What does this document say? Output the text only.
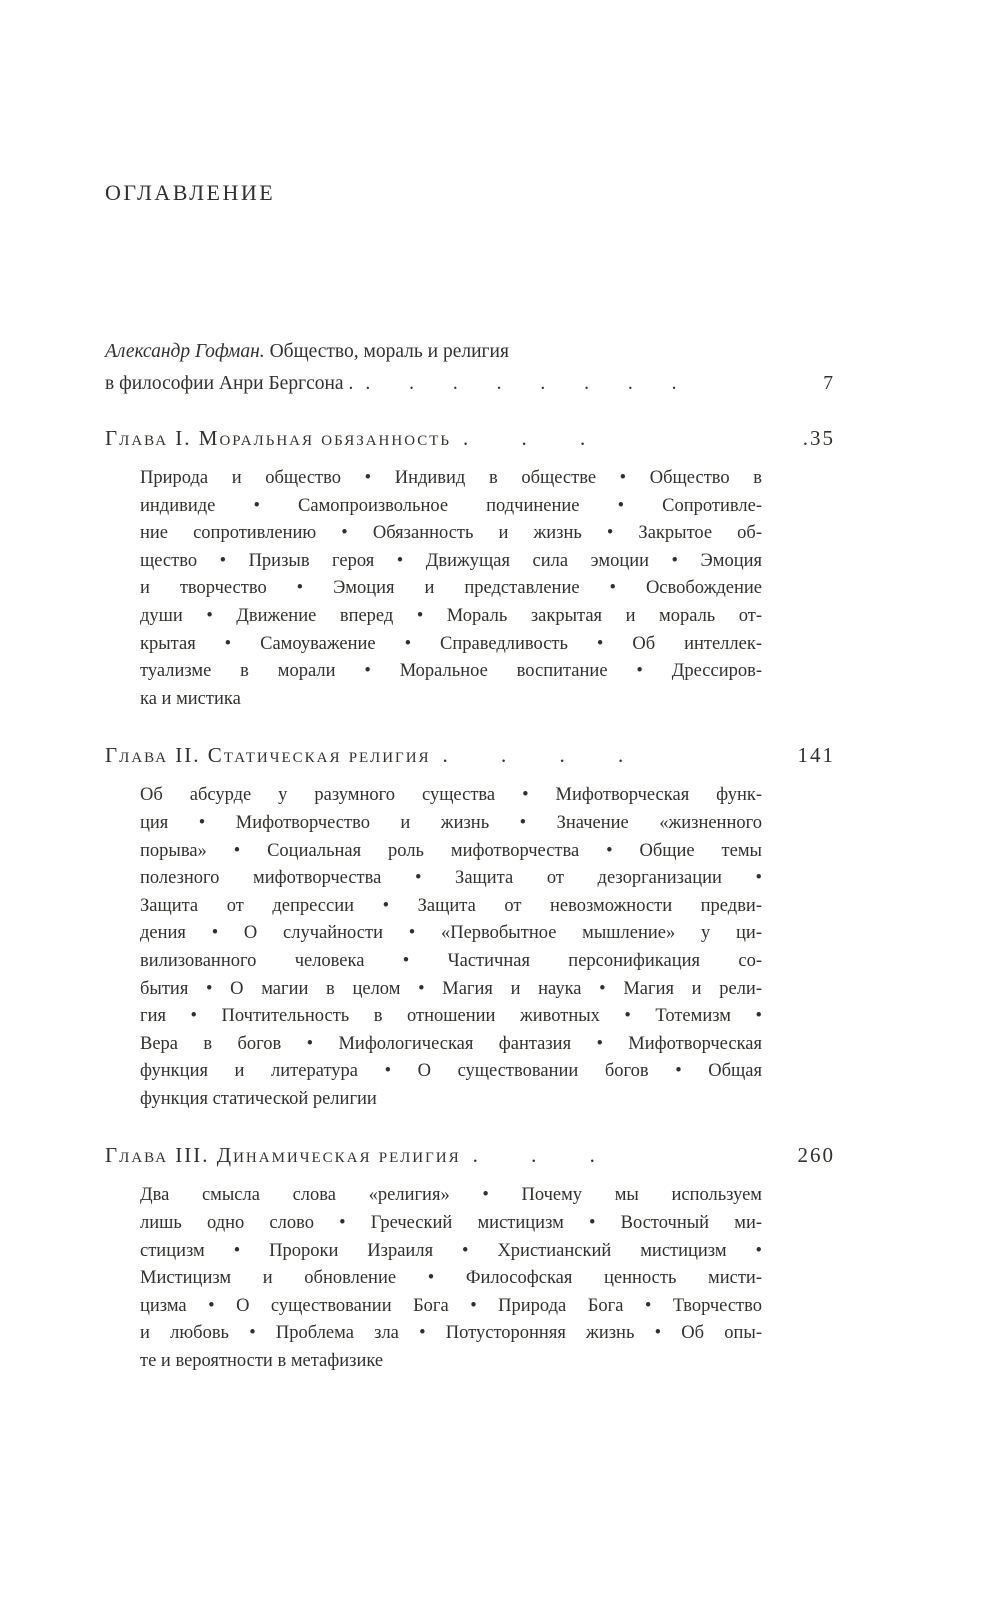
ОГЛАВЛЕНИЕ
Александр Гофман. Общество, мораль и религия
в философии Анри Бергсона . . . . . . . . .	7
Глава I. Моральная обязанность . . .	.35
Природа и общество • Индивид в обществе • Общество в
индивиде • Самопроизвольное подчинение • Сопротивле-
ние сопротивлению • Обязанность и жизнь • Закрытое об-
щество • Призыв героя • Движущая сила эмоции • Эмоция
и творчество • Эмоция и представление • Освобождение
души • Движение вперед • Мораль закрытая и мораль от-
крытая • Самоуважение • Справедливость • Об интеллек-
туализме в морали • Моральное воспитание • Дрессиров-
ка и мистика
Глава II. Статическая религия . . . .	141
Об абсурде у разумного существа • Мифотворческая функ-
ция • Мифотворчество и жизнь • Значение «жизненного
порыва» • Социальная роль мифотворчества • Общие темы
полезного мифотворчества • Защита от дезорганизации •
Защита от депрессии • Защита от невозможности предви-
дения • О случайности • «Первобытное мышление» у ци-
вилизованного человека • Частичная персонификация со-
бытия • О магии в целом • Магия и наука • Магия и рели-
гия • Почтительность в отношении животных • Тотемизм •
Вера в богов • Мифологическая фантазия • Мифотворческая
функция и литература • О существовании богов • Общая
функция статической религии
Глава III. Динамическая религия . . .	260
Два смысла слова «религия» • Почему мы используем
лишь одно слово • Греческий мистицизм • Восточный ми-
стицизм • Пророки Израиля • Христианский мистицизм •
Мистицизм и обновление • Философская ценность мисти-
цизма • О существовании Бога • Природа Бога • Творчество
и любовь • Проблема зла • Потусторонняя жизнь • Об опы-
те и вероятности в метафизике
